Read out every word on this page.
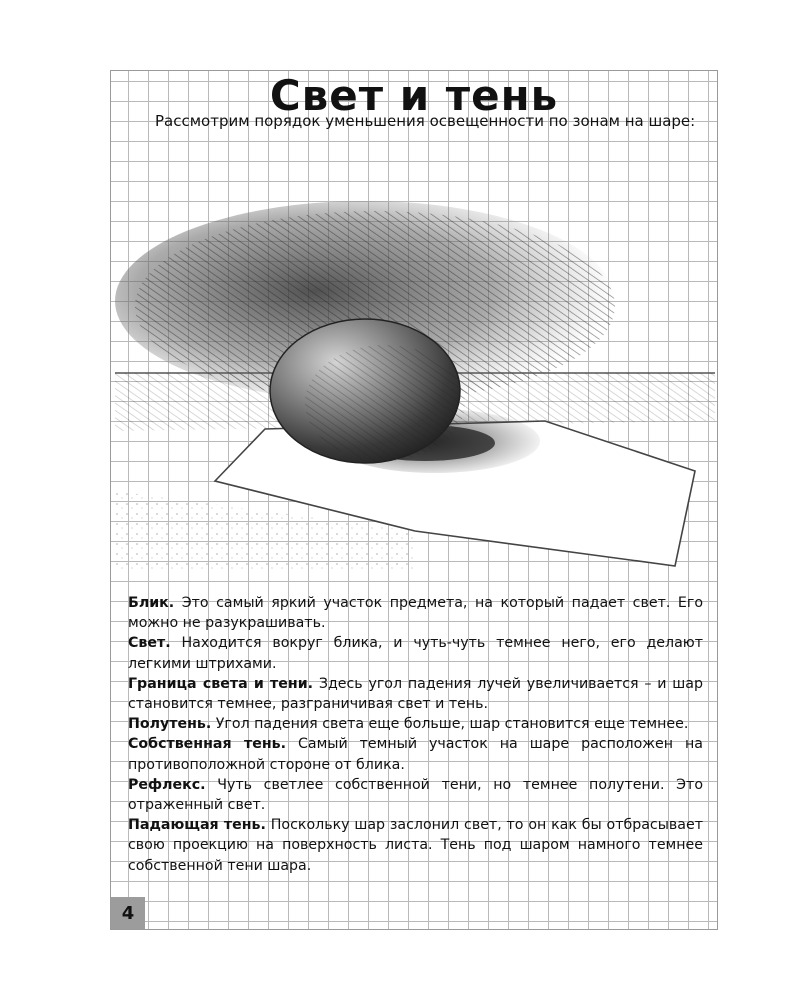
Свет и тень
Рассмотрим порядок уменьшения освещенности по зонам на шаре:

Блик. Это самый яркий участок предмета, на который падает свет. Его можно не разукрашивать.

Свет. Находится вокруг блика, и чуть-чуть темнее него, его делают легкими штрихами.

Граница света и тени. Здесь угол падения лучей увеличивается – и шар становится темнее, разграничивая свет и тень.

Полутень. Угол падения света еще больше, шар становится еще темнее.

Собственная тень. Самый темный участок на шаре расположен на противоположной стороне от блика.

Рефлекс. Чуть светлее собственной тени, но темнее полутени. Это отраженный свет.

Падающая тень. Поскольку шар заслонил свет, то он как бы отбрасывает свою проекцию на поверхность листа. Тень под шаром намного темнее собственной тени шара.

4
